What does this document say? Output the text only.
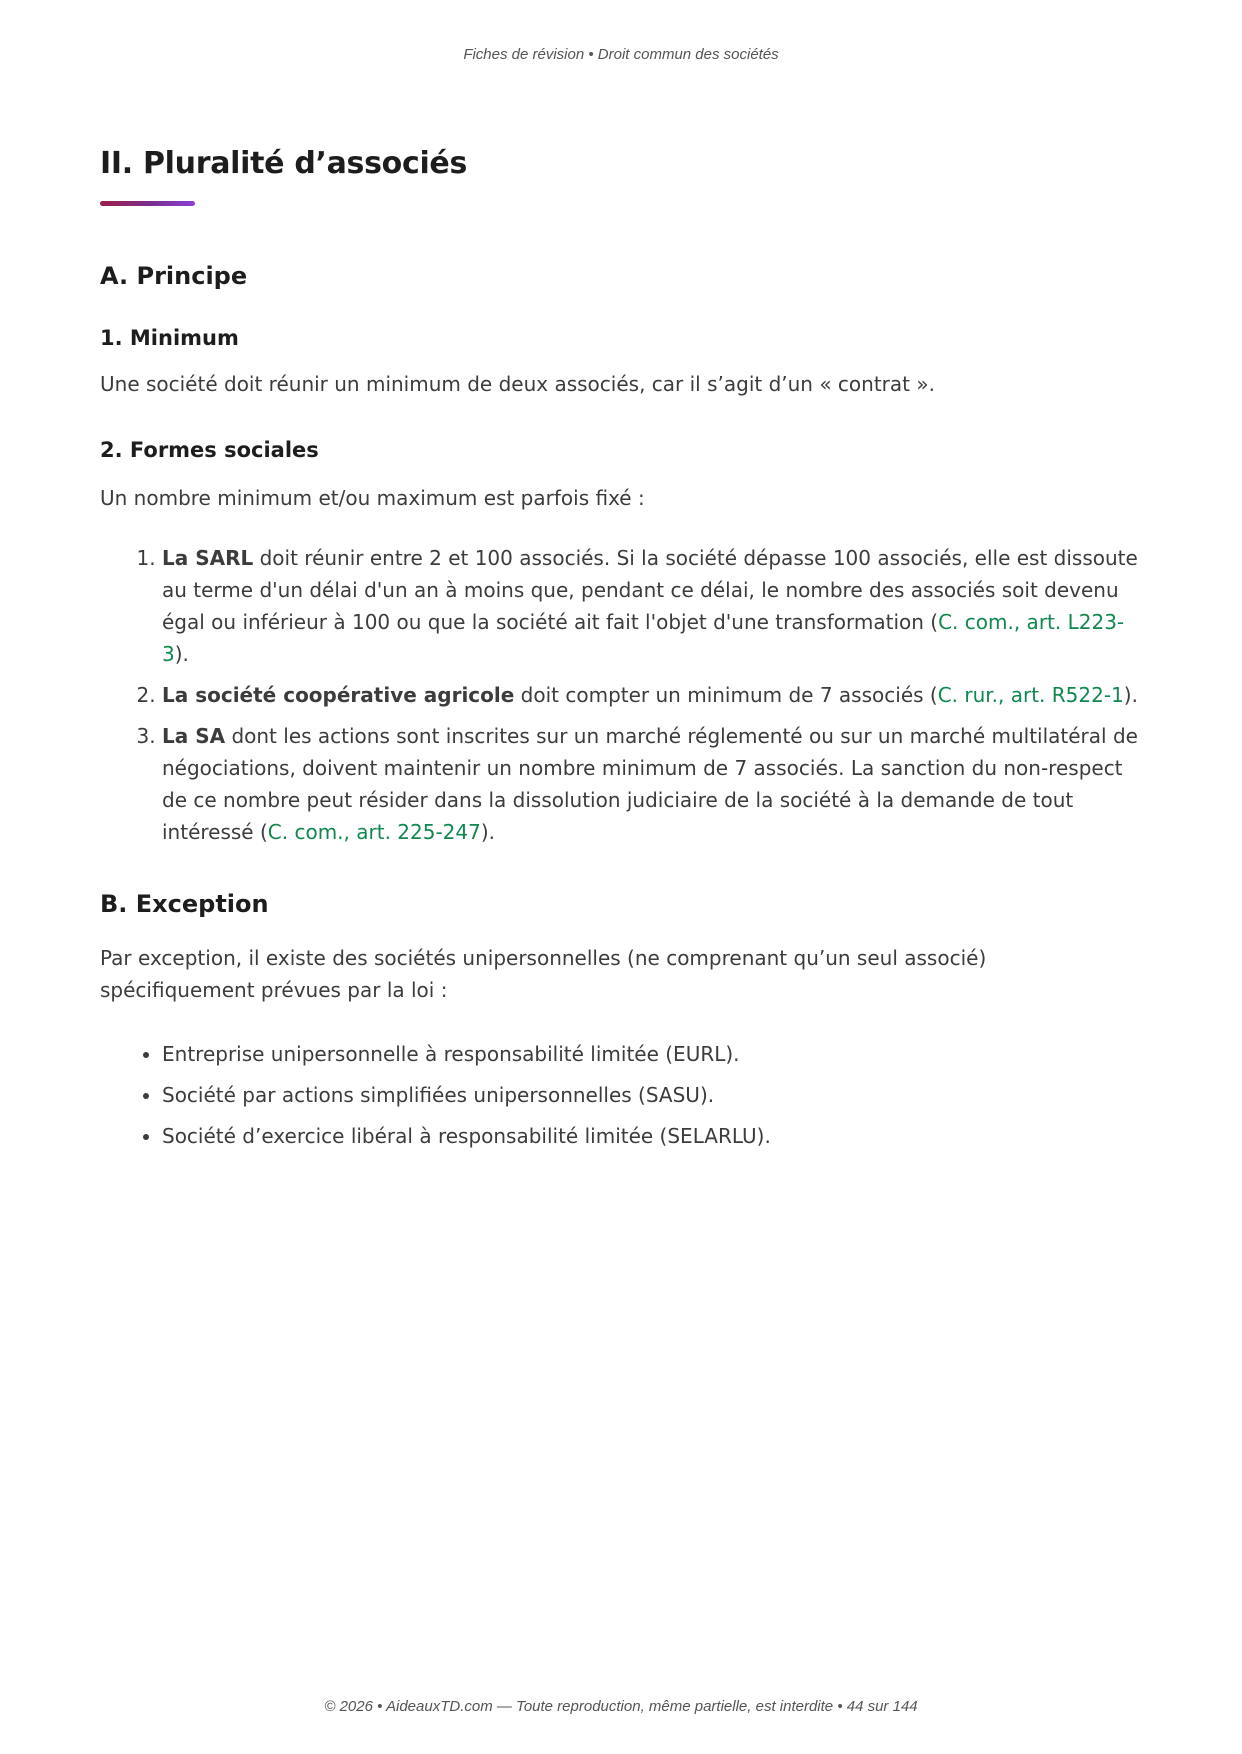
Fiches de révision • Droit commun des sociétés
II. Pluralité d’associés
A. Principe
1. Minimum

Une société doit réunir un minimum de deux associés, car il s’agit d’un « contrat ».

2. Formes sociales

Un nombre minimum et/ou maximum est parfois fixé :

1. La SARL doit réunir entre 2 et 100 associés. Si la société dépasse 100 associés, elle est dissoute au terme d'un délai d'un an à moins que, pendant ce délai, le nombre des associés soit devenu égal ou inférieur à 100 ou que la société ait fait l'objet d'une transformation (C. com., art. L223-3).
2. La société coopérative agricole doit compter un minimum de 7 associés (C. rur., art. R522-1).
3. La SA dont les actions sont inscrites sur un marché réglementé ou sur un marché multilatéral de négociations, doivent maintenir un nombre minimum de 7 associés. La sanction du non-respect de ce nombre peut résider dans la dissolution judiciaire de la société à la demande de tout intéressé (C. com., art. 225-247).
B. Exception

Par exception, il existe des sociétés unipersonnelles (ne comprenant qu’un seul associé) spécifiquement prévues par la loi :

• Entreprise unipersonnelle à responsabilité limitée (EURL).
• Société par actions simplifiées unipersonnelles (SASU).
• Société d’exercice libéral à responsabilité limitée (SELARLU).
© 2026 • AideauxTD.com — Toute reproduction, même partielle, est interdite • 44 sur 144
